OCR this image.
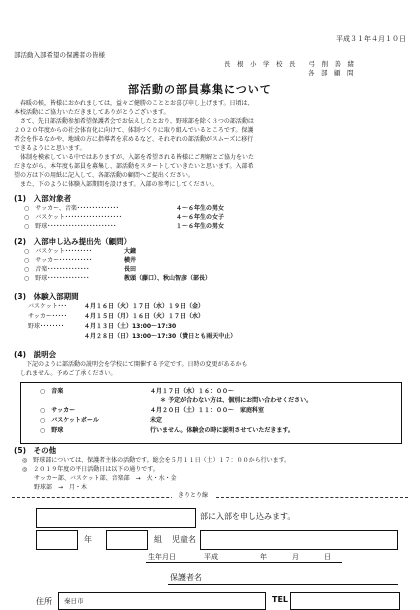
平成３１年４月１０日
部活動入部希望の保護者の皆様
長　根　小　学　校　長　　弓　削　善　緒
各　部　顧　問
部活動の部員募集について
　春暖の候，皆様におかれましては，益々ご健勝のこととお喜び申し上げます。日頃は、
本校活動にご協力いただきましてありがとうございます。
　さて、先日部活動参加希望保護者会でお伝えしたとおり、野球部を除く３つの部活動は
２０２０年度からの社会体育化に向けて、体制づくりに取り組んでいるところです。保護
者会を作るなかや、地域の方に指導者を求めるなど、それぞれの部活動がスムーズに移行
できるようにと思います。
　体制を模索している中ではありますが、入部を希望される皆様にご理解とご協力をいた
だきながら、本年度も部員を募集し、部活動をスタートしていきたいと思います。入部希
望の方は下の用紙に記入して、各部活動の顧問へご提出ください。
　また、下のように体験入部期間を設けます。入部の参考にしてください。
(1)　入部対象者
○　サッカー、音楽･･････････････	４～６年生の男女
○　バスケット･･･････････････････	４～６年生の女子
○　野球･･･････････････････････	１～６年生の男女
(2)　入部申し込み提出先（顧問）
○　バスケット･････････	大鐘
○　サッカー･･･････････	横井
○　音楽･･････････････	長田
○　野球･･････････････	教頭（藤口）、秋山智彦（部長）
(3)　体験入部期間
バスケット･･･	４月１６日（火）１７日（水）１９日（金）
サッカー･････	４月１５日（月）１６日（火）１７日（水）
野球････････	４月１３日（土）13:00～17:30
４月２８日（日）13:00～17:30（貴日とも雨天中止）
(4)　説明会
　下記のように部活動の説明会を学校にて開催する予定です。日時の変更があるかも
しれません。予めご了承ください。
○　音楽	４月１７日（水）１６：００～
＊ 予定が合わない方は、個別にお問い合わせください。
○　サッカー	４月２０日（土）１１：００～　家庭科室
○　バスケットボール	未定
○　野球	行いません。体験会の時に説明させていただきます。
(5)　その他
◎　野球部については、保護者主体の活動です。総会を５月１１日（土）１７：００から行います。
◎　２０１９年度の平日活動日は以下の通りです。
　　サッカー部、バスケット部、音楽部　→　火・水・金
　　野球部　→　月・木
きりとり線
部に入部を申し込みます。
年	組 児童名
生年月日	平成	年	月	日
保護者名
住所 秦日市	TEL
